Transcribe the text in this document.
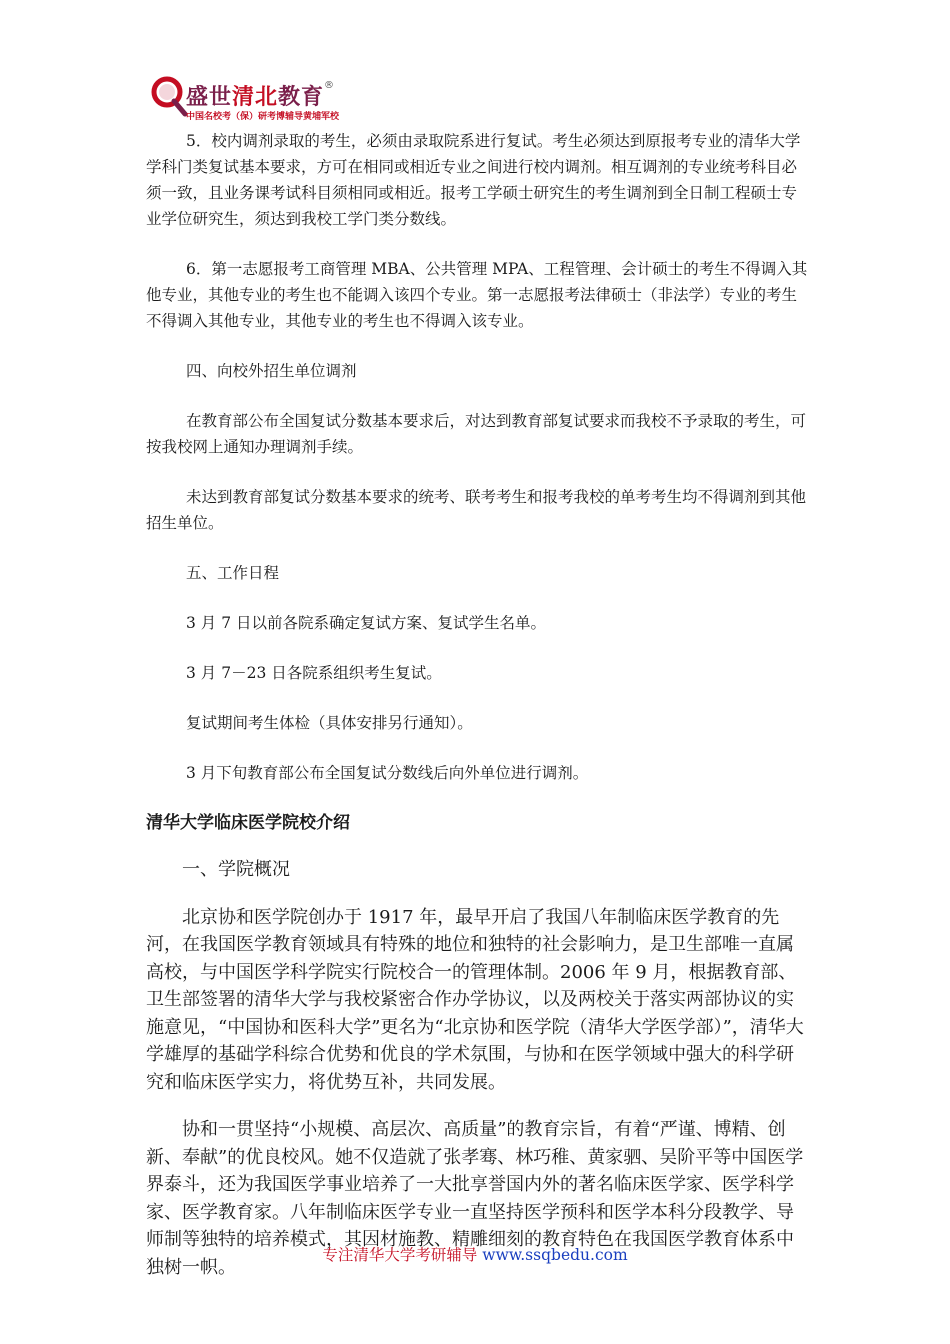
盛世清北教育®
中国名校考（保）研考博辅导黄埔军校

5．校内调剂录取的考生，必须由录取院系进行复试。考生必须达到原报考专业的清华大学学科门类复试基本要求，方可在相同或相近专业之间进行校内调剂。相互调剂的专业统考科目必须一致，且业务课考试科目须相同或相近。报考工学硕士研究生的考生调剂到全日制工程硕士专业学位研究生，须达到我校工学门类分数线。

6．第一志愿报考工商管理 MBA、公共管理 MPA、工程管理、会计硕士的考生不得调入其他专业，其他专业的考生也不能调入该四个专业。第一志愿报考法律硕士（非法学）专业的考生不得调入其他专业，其他专业的考生也不得调入该专业。

四、向校外招生单位调剂

在教育部公布全国复试分数基本要求后，对达到教育部复试要求而我校不予录取的考生，可按我校网上通知办理调剂手续。

未达到教育部复试分数基本要求的统考、联考考生和报考我校的单考考生均不得调剂到其他招生单位。

五、工作日程

3 月 7 日以前各院系确定复试方案、复试学生名单。

3 月 7－23 日各院系组织考生复试。

复试期间考生体检（具体安排另行通知）。

3 月下旬教育部公布全国复试分数线后向外单位进行调剂。

清华大学临床医学院校介绍

一、学院概况

北京协和医学院创办于 1917 年，最早开启了我国八年制临床医学教育的先河，在我国医学教育领域具有特殊的地位和独特的社会影响力，是卫生部唯一直属高校，与中国医学科学院实行院校合一的管理体制。2006 年 9 月，根据教育部、卫生部签署的清华大学与我校紧密合作办学协议，以及两校关于落实两部协议的实施意见，“中国协和医科大学”更名为“北京协和医学院（清华大学医学部）”，清华大学雄厚的基础学科综合优势和优良的学术氛围，与协和在医学领域中强大的科学研究和临床医学实力，将优势互补，共同发展。

协和一贯坚持“小规模、高层次、高质量”的教育宗旨，有着“严谨、博精、创新、奉献”的优良校风。她不仅造就了张孝骞、林巧稚、黄家驷、吴阶平等中国医学界泰斗，还为我国医学事业培养了一大批享誉国内外的著名临床医学家、医学科学家、医学教育家。八年制临床医学专业一直坚持医学预科和医学本科分段教学、导师制等独特的培养模式，其因材施教、精雕细刻的教育特色在我国医学教育体系中独树一帜。

专注清华大学考研辅导 www.ssqbedu.com
